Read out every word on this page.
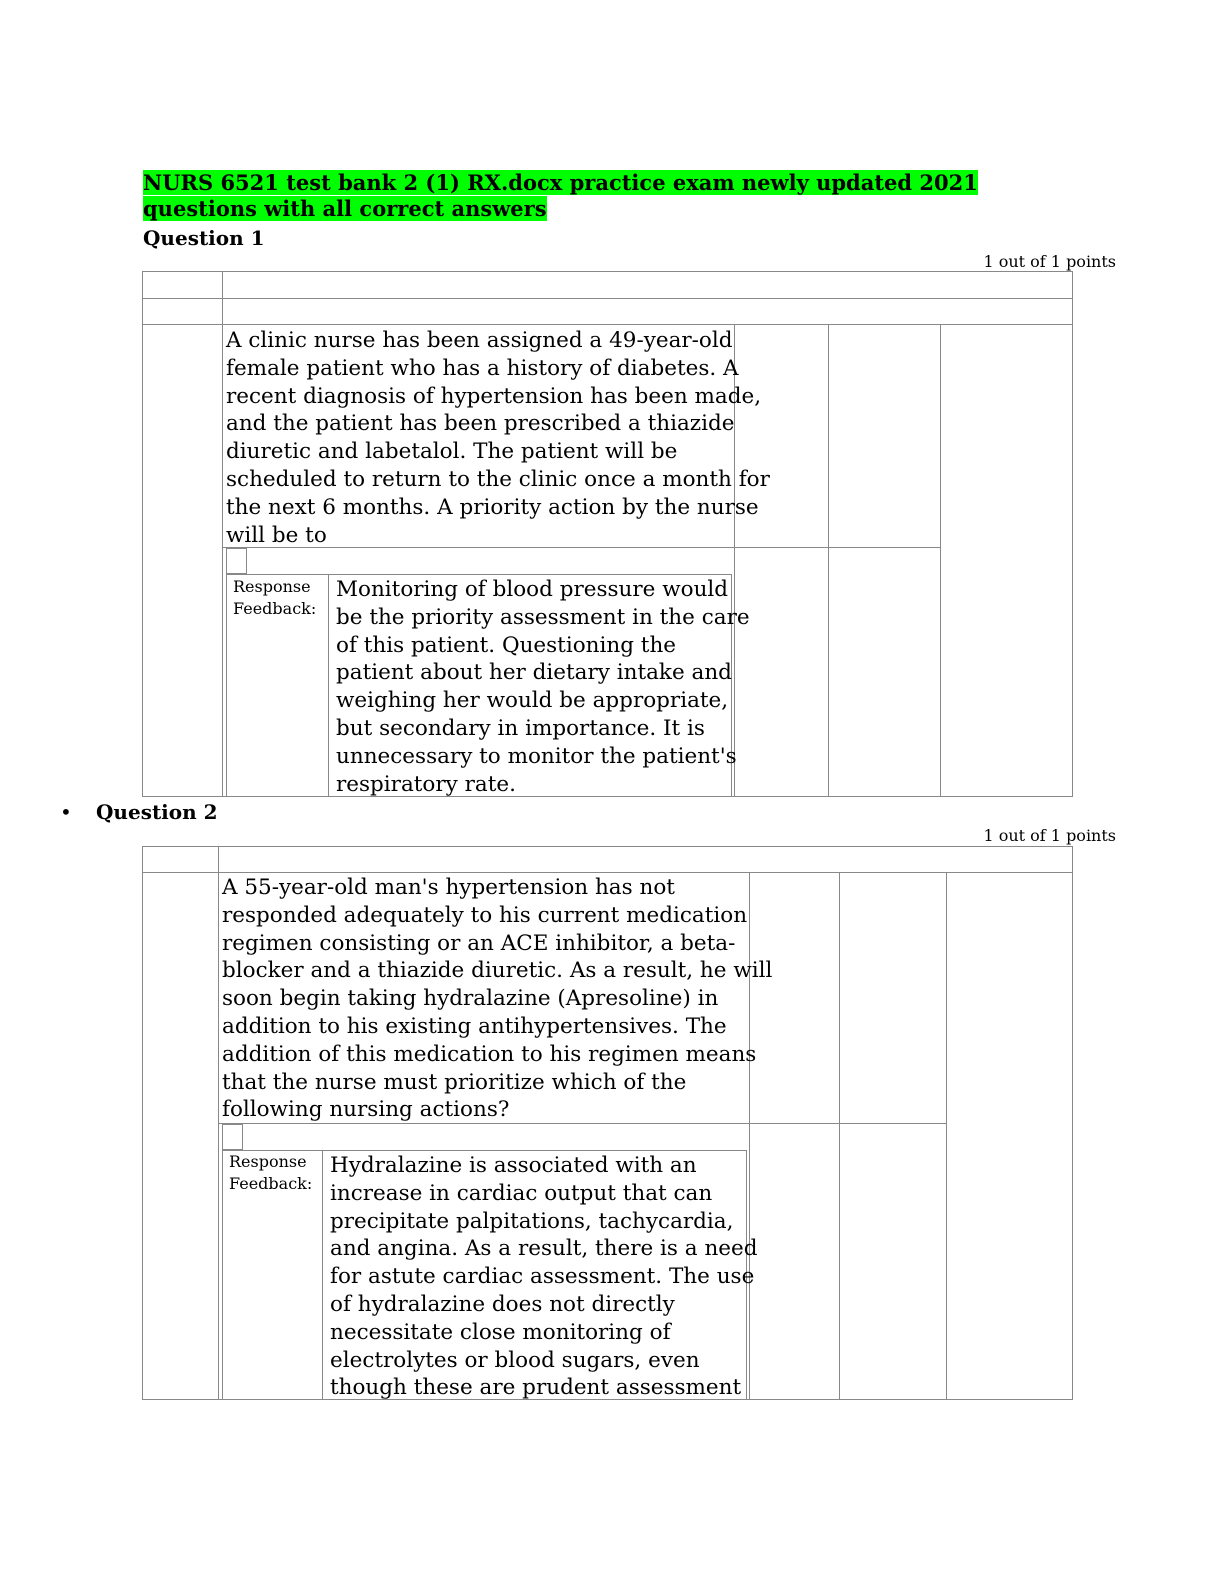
NURS 6521 test bank 2 (1) RX.docx practice exam newly updated 2021 questions with all correct answers
Question 1
1 out of 1 points
A clinic nurse has been assigned a 49-year-old
female patient who has a history of diabetes. A
recent diagnosis of hypertension has been made,
and the patient has been prescribed a thiazide
diuretic and labetalol. The patient will be
scheduled to return to the clinic once a month for
the next 6 months. A priority action by the nurse
will be to
Response
Feedback:
Monitoring of blood pressure would
be the priority assessment in the care
of this patient. Questioning the
patient about her dietary intake and
weighing her would be appropriate,
but secondary in importance. It is
unnecessary to monitor the patient's
respiratory rate.
• Question 2
1 out of 1 points
A 55-year-old man's hypertension has not
responded adequately to his current medication
regimen consisting or an ACE inhibitor, a beta-
blocker and a thiazide diuretic. As a result, he will
soon begin taking hydralazine (Apresoline) in
addition to his existing antihypertensives. The
addition of this medication to his regimen means
that the nurse must prioritize which of the
following nursing actions?
Response
Feedback:
Hydralazine is associated with an
increase in cardiac output that can
precipitate palpitations, tachycardia,
and angina. As a result, there is a need
for astute cardiac assessment. The use
of hydralazine does not directly
necessitate close monitoring of
electrolytes or blood sugars, even
though these are prudent assessment
